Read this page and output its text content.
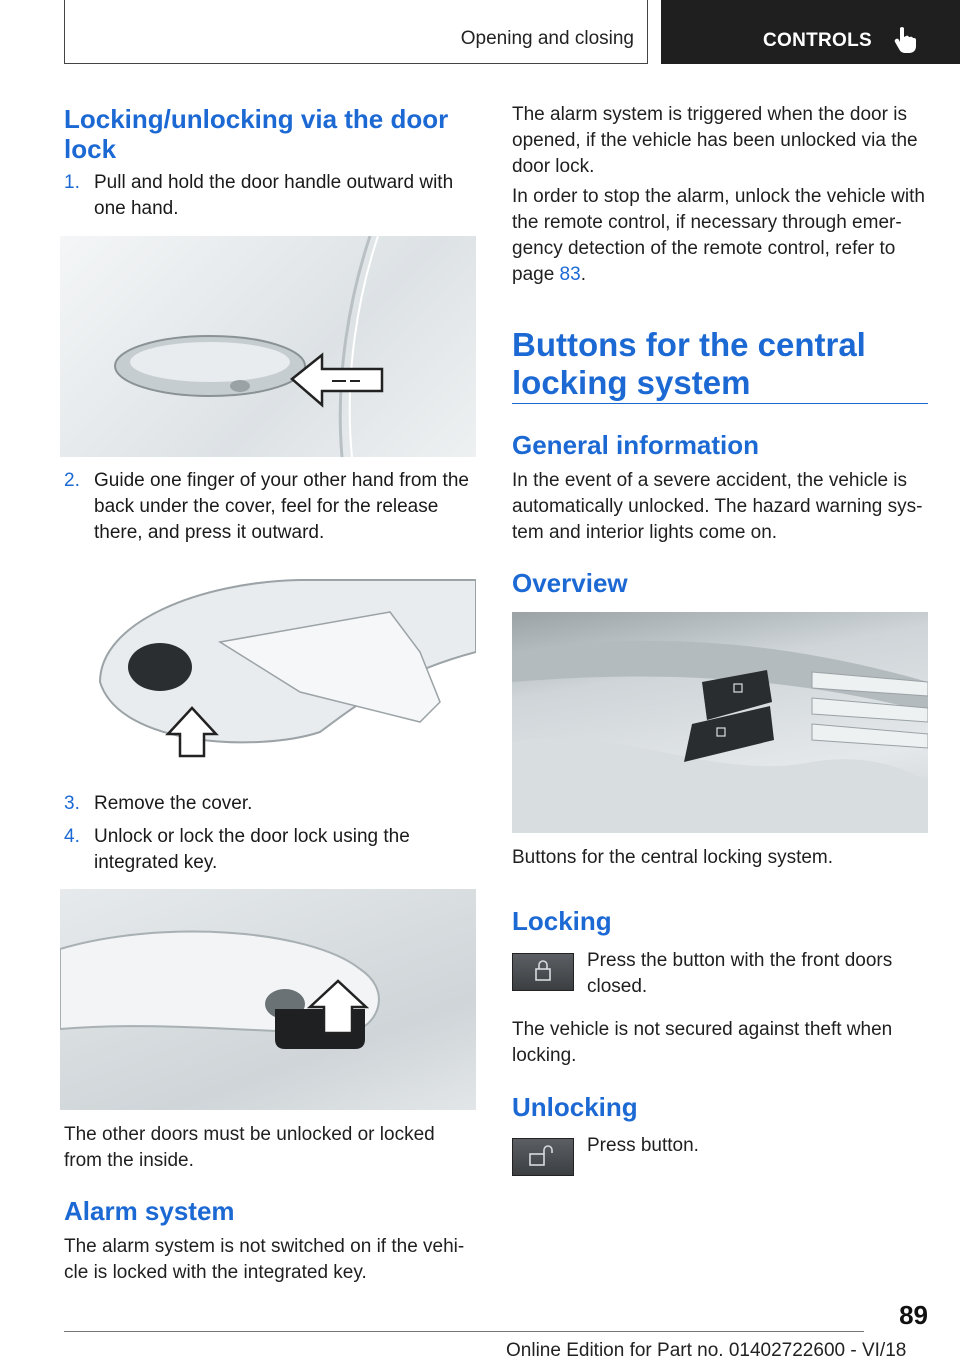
Opening and closing	CONTROLS
Locking/unlocking via the door lock
1. Pull and hold the door handle outward with one hand.
2. Guide one finger of your other hand from the back under the cover, feel for the release there, and press it outward.
3. Remove the cover.
4. Unlock or lock the door lock using the integrated key.
The other doors must be unlocked or locked from the inside.
Alarm system
The alarm system is not switched on if the vehi-cle is locked with the integrated key.
The alarm system is triggered when the door is opened, if the vehicle has been unlocked via the door lock.
In order to stop the alarm, unlock the vehicle with the remote control, if necessary through emer-gency detection of the remote control, refer to page 83.
Buttons for the central locking system
General information
In the event of a severe accident, the vehicle is automatically unlocked. The hazard warning sys-tem and interior lights come on.
Overview
Buttons for the central locking system.
Locking
Press the button with the front doors closed.
The vehicle is not secured against theft when locking.
Unlocking
Press button.
89
Online Edition for Part no. 01402722600 - VI/18
